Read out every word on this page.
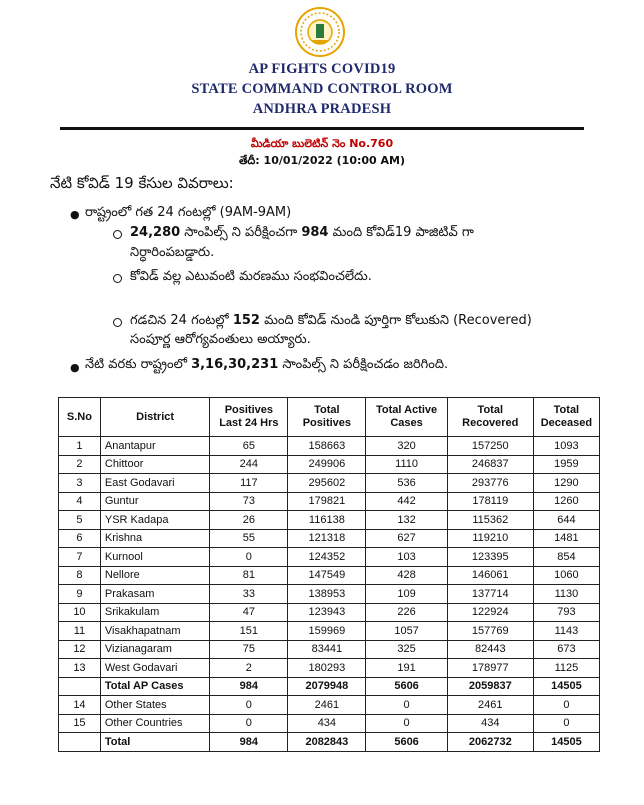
AP FIGHTS COVID19
STATE COMMAND CONTROL ROOM
ANDHRA PRADESH
మీడియా బులెటిన్ నెం No.760
తేదీ: 10/01/2022 (10:00 AM)
నేటి కోవిడ్ 19 కేసుల వివరాలు:
● రాష్ట్రంలో గత 24 గంటల్లో (9AM-9AM)
24,280 సాంపిల్స్ ని పరీక్షించగా 984 మంది కోవిడ్19 పాజిటివ్ గా
నిర్ధారింపబడ్డారు.
కోవిడ్ వల్ల ఎటువంటి మరణము సంభవించలేదు.
గడచిన 24 గంటల్లో 152 మంది కోవిడ్ నుండి పూర్తిగా కోలుకుని (Recovered)
సంపూర్ణ ఆరోగ్యవంతులు అయ్యారు.
● నేటి వరకు రాష్ట్రంలో 3,16,30,231 సాంపిల్స్ ని పరీక్షించడం జరిగింది.
S.No	District	Positives Last 24 Hrs	Total Positives	Total Active Cases	Total Recovered	Total Deceased
1	Anantapur	65	158663	320	157250	1093
2	Chittoor	244	249906	1110	246837	1959
3	East Godavari	117	295602	536	293776	1290
4	Guntur	73	179821	442	178119	1260
5	YSR Kadapa	26	116138	132	115362	644
6	Krishna	55	121318	627	119210	1481
7	Kurnool	0	124352	103	123395	854
8	Nellore	81	147549	428	146061	1060
9	Prakasam	33	138953	109	137714	1130
10	Srikakulam	47	123943	226	122924	793
11	Visakhapatnam	151	159969	1057	157769	1143
12	Vizianagaram	75	83441	325	82443	673
13	West Godavari	2	180293	191	178977	1125
	Total AP Cases	984	2079948	5606	2059837	14505
14	Other States	0	2461	0	2461	0
15	Other Countries	0	434	0	434	0
	Total	984	2082843	5606	2062732	14505
